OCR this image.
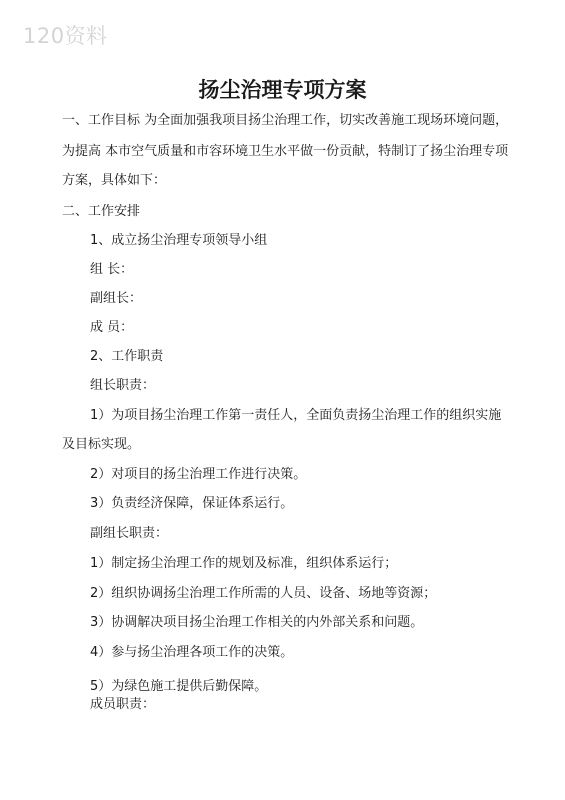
120资料
扬尘治理专项方案
一、工作目标 为全面加强我项目扬尘治理工作，切实改善施工现场环境问题，
为提高 本市空气质量和市容环境卫生水平做一份贡献，特制订了扬尘治理专项
方案，具体如下：
二、工作安排
1、成立扬尘治理专项领导小组
组 长：
副组长：
成 员：
2、工作职责
组长职责：
1）为项目扬尘治理工作第一责任人，全面负责扬尘治理工作的组织实施
及目标实现。
2）对项目的扬尘治理工作进行决策。
3）负责经济保障，保证体系运行。
副组长职责：
1）制定扬尘治理工作的规划及标准，组织体系运行；
2）组织协调扬尘治理工作所需的人员、设备、场地等资源；
3）协调解决项目扬尘治理工作相关的内外部关系和问题。
4）参与扬尘治理各项工作的决策。
5）为绿色施工提供后勤保障。
成员职责：
